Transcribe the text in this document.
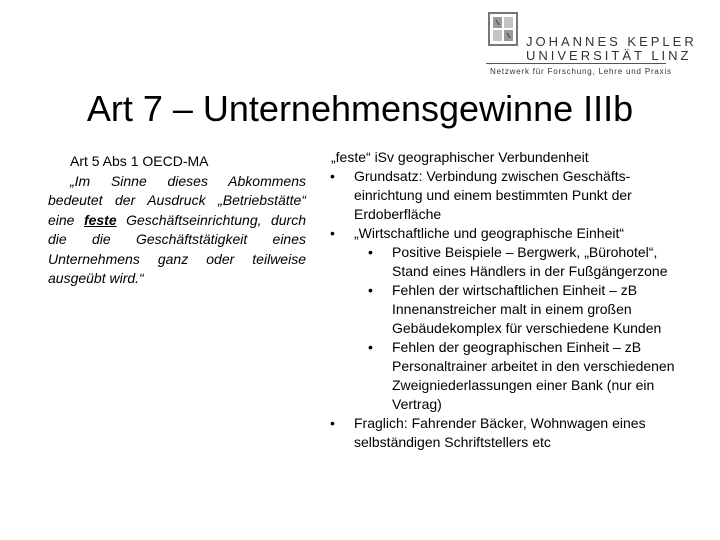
JOHANNES KEPLER
UNIVERSITÄT LINZ
Netzwerk für Forschung, Lehre und Praxis
Art 7 – Unternehmensgewinne IIIb
Art 5 Abs 1 OECD-MA

„Im Sinne dieses Abkommens bedeutet der Ausdruck „Betriebstätte“ eine feste Geschäftseinrichtung, durch die die Geschäftstätigkeit eines Unternehmens ganz oder teilweise ausgeübt wird.“

„feste“ iSv geographischer Verbundenheit
• Grundsatz: Verbindung zwischen Geschäftseinrichtung und einem bestimmten Punkt der Erdoberfläche
• „Wirtschaftliche und geographische Einheit“
• Positive Beispiele – Bergwerk, „Bürohotel“, Stand eines Händlers in der Fußgängerzone
• Fehlen der wirtschaftlichen Einheit – zB Innenanstreicher malt in einem großen Gebäudekomplex für verschiedene Kunden
• Fehlen der geographischen Einheit – zB Personaltrainer arbeitet in den verschiedenen Zweigniederlassungen einer Bank (nur ein Vertrag)
• Fraglich: Fahrender Bäcker, Wohnwagen eines selbständigen Schriftstellers etc
